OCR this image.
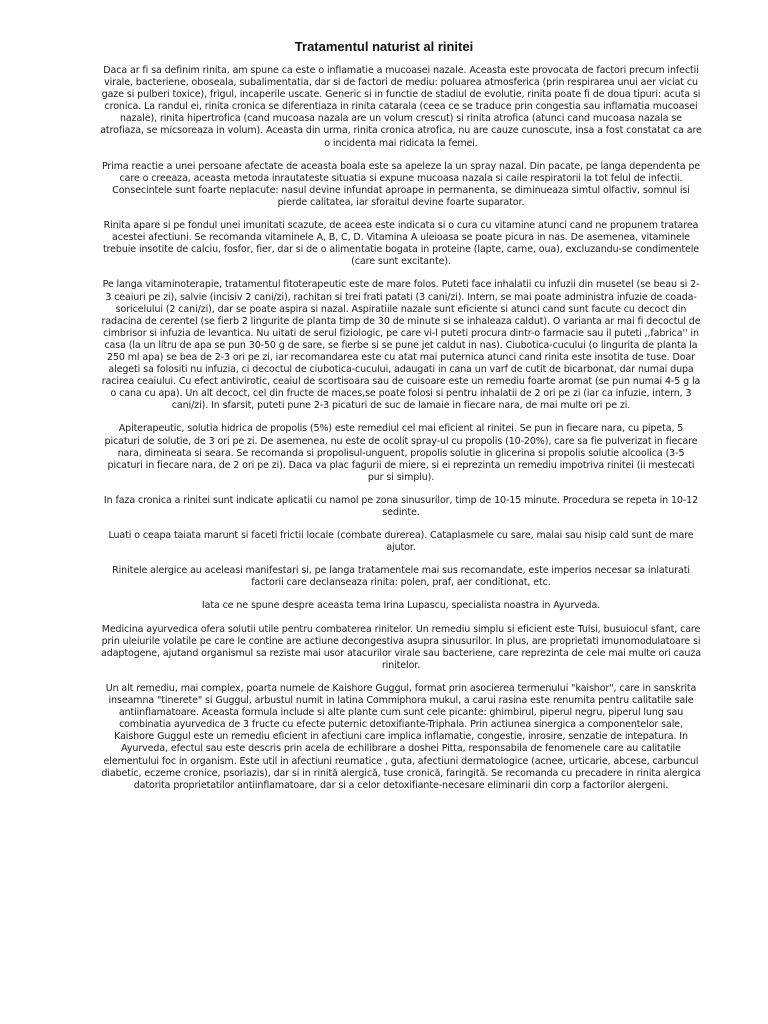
Tratamentul naturist al rinitei

Daca ar fi sa definim rinita, am spune ca este o inflamatie a mucoasei nazale. Aceasta este provocata de factori precum infectii virale, bacteriene, oboseala, subalimentatia, dar si de factori de mediu: poluarea atmosferica (prin respirarea unui aer viciat cu gaze si pulberi toxice), frigul, incaperile uscate. Generic si in functie de stadiul de evolutie, rinita poate fi de doua tipuri: acuta si cronica. La randul ei, rinita cronica se diferentiaza in rinita catarala (ceea ce se traduce prin congestia sau inflamatia mucoasei nazale), rinita hipertrofica (cand mucoasa nazala are un volum crescut) si rinita atrofica (atunci cand mucoasa nazala se atrofiaza, se micsoreaza in volum). Aceasta din urma, rinita cronica atrofica, nu are cauze cunoscute, insa a fost constatat ca are o incidenta mai ridicata la femei.

Prima reactie a unei persoane afectate de aceasta boala este sa apeleze la un spray nazal. Din pacate, pe langa dependenta pe care o creeaza, aceasta metoda inrautateste situatia si expune mucoasa nazala si caile respiratorii la tot felul de infectii. Consecintele sunt foarte neplacute: nasul devine infundat aproape in permanenta, se diminueaza simtul olfactiv, somnul isi pierde calitatea, iar sforaitul devine foarte suparator.

Rinita apare si pe fondul unei imunitati scazute, de aceea este indicata si o cura cu vitamine atunci cand ne propunem tratarea acestei afectiuni. Se recomanda vitaminele A, B, C, D. Vitamina A uleioasa se poate picura in nas. De asemenea, vitaminele trebuie insotite de calciu, fosfor, fier, dar si de o alimentatie bogata in proteine (lapte, carne, oua), excluzandu-se condimentele (care sunt excitante).

Pe langa vitaminoterapie, tratamentul fitoterapeutic este de mare folos. Puteti face inhalatii cu infuzii din musetel (se beau si 2-3 ceaiuri pe zi), salvie (incisiv 2 cani/zi), rachitan si trei frati patati (3 cani/zi). Intern, se mai poate administra infuzie de coada-soricelului (2 cani/zi), dar se poate aspira si nazal. Aspiratiile nazale sunt eficiente si atunci cand sunt facute cu decoct din radacina de cerentel (se fierb 2 lingurite de planta timp de 30 de minute si se inhaleaza caldut). O varianta ar mai fi decoctul de cimbrisor si infuzia de levantica. Nu uitati de serul fiziologic, pe care vi-l puteti procura dintr-o farmacie sau il puteti ,,fabrica'' in casa (la un litru de apa se pun 30-50 g de sare, se fierbe si se pune jet caldut in nas). Ciubotica-cucului (o lingurita de planta la 250 ml apa) se bea de 2-3 ori pe zi, iar recomandarea este cu atat mai puternica atunci cand rinita este insotita de tuse. Doar alegeti sa folositi nu infuzia, ci decoctul de ciubotica-cucului, adaugati in cana un varf de cutit de bicarbonat, dar numai dupa racirea ceaiului. Cu efect antivirotic, ceaiul de scortisoara sau de cuisoare este un remediu foarte aromat (se pun numai 4-5 g la o cana cu apa). Un alt decoct, cel din fructe de maces,se poate folosi si pentru inhalatii de 2 ori pe zi (iar ca infuzie, intern, 3 cani/zi). In sfarsit, puteti pune 2-3 picaturi de suc de lamaie in fiecare nara, de mai multe ori pe zi.

Apiterapeutic, solutia hidrica de propolis (5%) este remediul cel mai eficient al rinitei. Se pun in fiecare nara, cu pipeta, 5 picaturi de solutie, de 3 ori pe zi. De asemenea, nu este de ocolit spray-ul cu propolis (10-20%), care sa fie pulverizat in fiecare nara, dimineata si seara. Se recomanda si propolisul-unguent, propolis solutie in glicerina si propolis solutie alcoolica (3-5 picaturi in fiecare nara, de 2 ori pe zi). Daca va plac fagurii de miere, si ei reprezinta un remediu impotriva rinitei (ii mestecati pur si simplu).

In faza cronica a rinitei sunt indicate aplicatii cu namol pe zona sinusurilor, timp de 10-15 minute. Procedura se repeta in 10-12 sedinte.

Luati o ceapa taiata marunt si faceti frictii locale (combate durerea). Cataplasmele cu sare, malai sau nisip cald sunt de mare ajutor.

Rinitele alergice au aceleasi manifestari si, pe langa tratamentele mai sus recomandate, este imperios necesar sa inlaturati factorii care declanseaza rinita: polen, praf, aer conditionat, etc.

Iata ce ne spune despre aceasta tema Irina Lupascu, specialista noastra in Ayurveda.

Medicina ayurvedica ofera solutii utile pentru combaterea rinitelor. Un remediu simplu si eficient este Tulsi, busuiocul sfant, care prin uleiurile volatile pe care le contine are actiune decongestiva asupra sinusurilor. In plus, are proprietati imunomodulatoare si adaptogene, ajutand organismul sa reziste mai usor atacurilor virale sau bacteriene, care reprezinta de cele mai multe ori cauza rinitelor.

Un alt remediu, mai complex, poarta numele de Kaishore Guggul, format prin asocierea termenului "kaishor", care in sanskrita inseamna "tinerete" si Guggul, arbustul numit in latina Commiphora mukul, a carui rasina este renumita pentru calitatile sale antiinflamatoare. Aceasta formula include si alte plante cum sunt cele picante: ghimbirul, piperul negru, piperul lung sau combinatia ayurvedica de 3 fructe cu efecte puternic detoxifiante-Triphala. Prin actiunea sinergica a componentelor sale, Kaishore Guggul este un remediu eficient in afectiuni care implica inflamatie, congestie, inrosire, senzatie de intepatura. In Ayurveda, efectul sau este descris prin acela de echilibrare a doshei Pitta, responsabila de fenomenele care au calitatile elementului foc in organism. Este util in afectiuni reumatice , guta, afectiuni dermatologice (acnee, urticarie, abcese, carbuncul diabetic, eczeme cronice, psoriazis), dar si in rinită alergică, tuse cronică, faringită. Se recomanda cu precadere in rinita alergica datorita proprietatilor antiinflamatoare, dar si a celor detoxifiante-necesare eliminarii din corp a factorilor alergeni.
